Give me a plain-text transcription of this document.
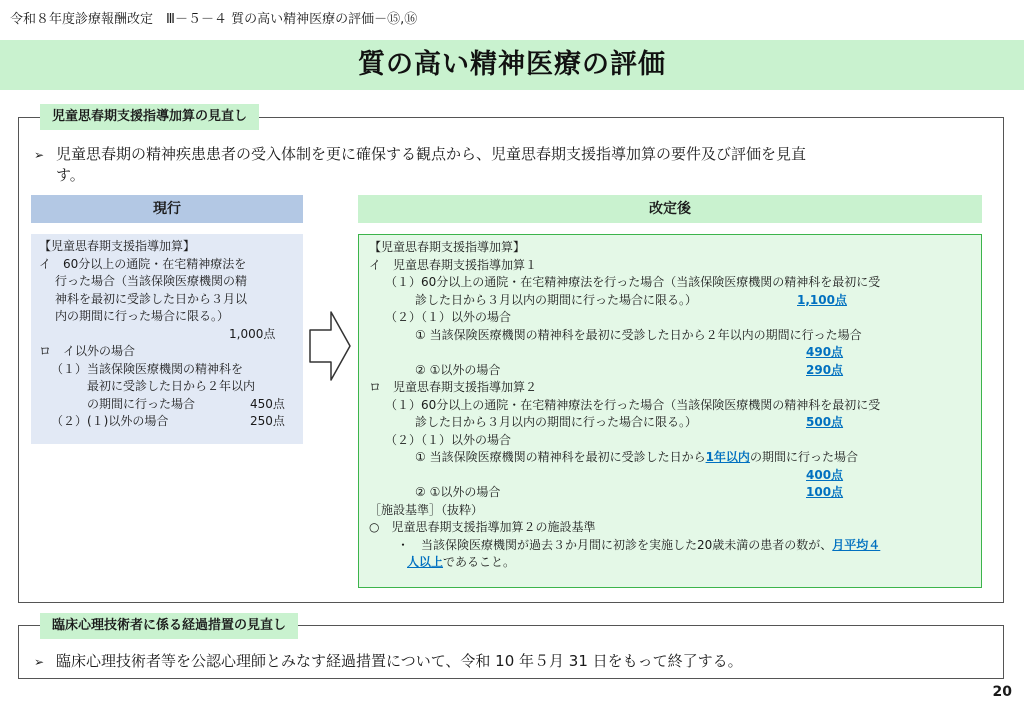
令和８年度診療報酬改定　Ⅲ－５－４ 質の高い精神医療の評価－⑮,⑯
質の高い精神医療の評価
児童思春期支援指導加算の見直し
➢ 児童思春期の精神疾患患者の受入体制を更に確保する観点から、児童思春期支援指導加算の要件及び評価を見直
す。
現行	改定後
【児童思春期支援指導加算】
イ　60分以上の通院・在宅精神療法を
行った場合（当該保険医療機関の精
神科を最初に受診した日から３月以
内の期間に行った場合に限る。）
1,000点
ロ　イ以外の場合
（１）当該保険医療機関の精神科を
最初に受診した日から２年以内
の期間に行った場合	450点
（２）(１)以外の場合	250点
【児童思春期支援指導加算】
イ　児童思春期支援指導加算１
（１）60分以上の通院・在宅精神療法を行った場合（当該保険医療機関の精神科を最初に受
診した日から３月以内の期間に行った場合に限る。）	1,100点
（２）（１）以外の場合
① 当該保険医療機関の精神科を最初に受診した日から２年以内の期間に行った場合
490点

② ①以外の場合	290点
ロ　児童思春期支援指導加算２
（１）60分以上の通院・在宅精神療法を行った場合（当該保険医療機関の精神科を最初に受
診した日から３月以内の期間に行った場合に限る。）	500点
（２）（１）以外の場合
① 当該保険医療機関の精神科を最初に受診した日から1年以内の期間に行った場合
400点

② ①以外の場合	100点
［施設基準］（抜粋）
○　児童思春期支援指導加算２の施設基準
・　当該保険医療機関が過去３か月間に初診を実施した20歳未満の患者の数が、月平均４
人以上であること。
臨床心理技術者に係る経過措置の見直し
➢ 臨床心理技術者等を公認心理師とみなす経過措置について、令和 10 年５月 31 日をもって終了する。
20
